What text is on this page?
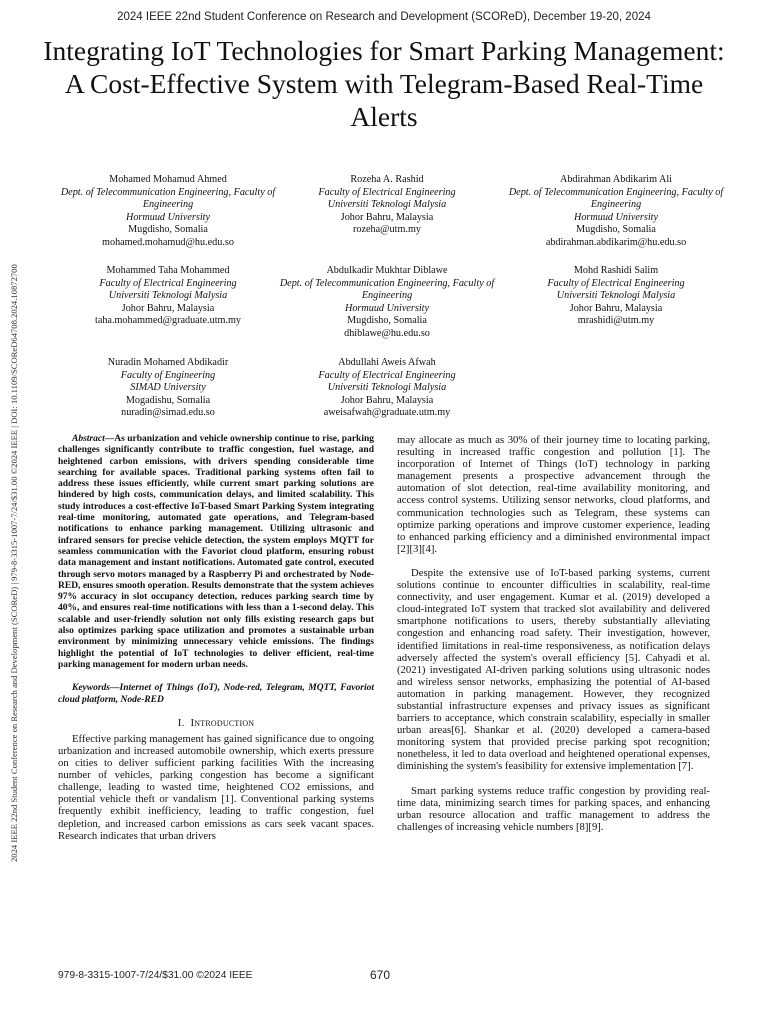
2024 IEEE 22nd Student Conference on Research and Development (SCOReD), December 19-20, 2024
Integrating IoT Technologies for Smart Parking Management: A Cost-Effective System with Telegram-Based Real-Time Alerts
2024 IEEE 22nd Student Conference on Research and Development (SCOReD) | 979-8-3315-1007-7/24/$31.00 ©2024 IEEE | DOI: 10.1109/SCOReD64708.2024.10872700
Mohamed Mohamud Ahmed
Dept. of Telecommunication Engineering, Faculty of Engineering
Hormuud University
Mugdisho, Somalia
mohamed.mohamud@hu.edu.so
Rozeha A. Rashid
Faculty of Electrical Engineering
Universiti Teknologi Malysia
Johor Bahru, Malaysia
rozeha@utm.my
Abdirahman Abdikarim Ali
Dept. of Telecommunication Engineering, Faculty of Engineering
Hormuud University
Mugdisho, Somalia
abdirahman.abdikarim@hu.edu.so
Mohammed Taha Mohammed
Faculty of Electrical Engineering
Universiti Teknologi Malysia
Johor Bahru, Malaysia
taha.mohammed@graduate.utm.my
Abdulkadir Mukhtar Diblawe
Dept. of Telecommunication Engineering, Faculty of Engineering
Hormuud University
Mugdisho, Somalia
dhiblawe@hu.edu.so
Mohd Rashidi Salim
Faculty of Electrical Engineering
Universiti Teknologi Malysia
Johor Bahru, Malaysia
mrashidi@utm.my
Nuradin Mohamed Abdikadir
Faculty of Engineering
SIMAD University
Mogadishu, Somalia
nuradin@simad.edu.so
Abdullahi Aweis Afwah
Faculty of Electrical Engineering
Universiti Teknologi Malysia
Johor Bahru, Malaysia
aweisafwah@graduate.utm.my

Abstract—As urbanization and vehicle ownership continue to rise, parking challenges significantly contribute to traffic congestion, fuel wastage, and heightened carbon emissions, with drivers spending considerable time searching for available spaces. Traditional parking systems often fail to address these issues efficiently, while current smart parking solutions are hindered by high costs, communication delays, and limited scalability. This study introduces a cost-effective IoT-based Smart Parking System integrating real-time monitoring, automated gate operations, and Telegram-based notifications to enhance parking management. Utilizing ultrasonic and infrared sensors for precise vehicle detection, the system employs MQTT for seamless communication with the Favoriot cloud platform, ensuring robust data management and instant notifications. Automated gate control, executed through servo motors managed by a Raspberry Pi and orchestrated by Node-RED, ensures smooth operation. Results demonstrate that the system achieves 97% accuracy in slot occupancy detection, reduces parking search time by 40%, and ensures real-time notifications with less than a 1-second delay. This scalable and user-friendly solution not only fills existing research gaps but also optimizes parking space utilization and promotes a sustainable urban environment by minimizing unnecessary vehicle emissions. The findings highlight the potential of IoT technologies to deliver efficient, real-time parking management for modern urban needs.

Keywords—Internet of Things (IoT), Node-red, Telegram, MQTT, Favoriot cloud platform, Node-RED

I. Introduction

Effective parking management has gained significance due to ongoing urbanization and increased automobile ownership, which exerts pressure on cities to deliver sufficient parking facilities With the increasing number of vehicles, parking congestion has become a significant challenge, leading to wasted time, heightened CO2 emissions, and potential vehicle theft or vandalism [1]. Conventional parking systems frequently exhibit inefficiency, leading to traffic congestion, fuel depletion, and increased carbon emissions as cars seek vacant spaces. Research indicates that urban drivers

may allocate as much as 30% of their journey time to locating parking, resulting in increased traffic congestion and pollution [1]. The incorporation of Internet of Things (IoT) technology in parking management presents a prospective advancement through the automation of slot detection, real-time availability monitoring, and access control systems. Utilizing sensor networks, cloud platforms, and communication technologies such as Telegram, these systems can optimize parking operations and improve customer experience, leading to enhanced parking efficiency and a diminished environmental impact [2][3][4].

Despite the extensive use of IoT-based parking systems, current solutions continue to encounter difficulties in scalability, real-time connectivity, and user engagement. Kumar et al. (2019) developed a cloud-integrated IoT system that tracked slot availability and delivered smartphone notifications to users, thereby substantially alleviating congestion and enhancing road safety. Their investigation, however, identified limitations in real-time responsiveness, as notification delays adversely affected the system's overall efficiency [5]. Cahyadi et al. (2021) investigated AI-driven parking solutions using ultrasonic nodes and wireless sensor networks, emphasizing the potential of AI-based automation in parking management. However, they recognized substantial infrastructure expenses and privacy issues as significant barriers to acceptance, which constrain scalability, especially in smaller urban areas[6]. Shankar et al. (2020) developed a camera-based monitoring system that provided precise parking spot recognition; nonetheless, it led to data overload and heightened operational expenses, diminishing the system's feasibility for extensive implementation [7].

Smart parking systems reduce traffic congestion by providing real-time data, minimizing search times for parking spaces, and enhancing urban resource allocation and traffic management to address the challenges of increasing vehicle numbers [8][9].

979-8-3315-1007-7/24/$31.00 ©2024 IEEE	670
